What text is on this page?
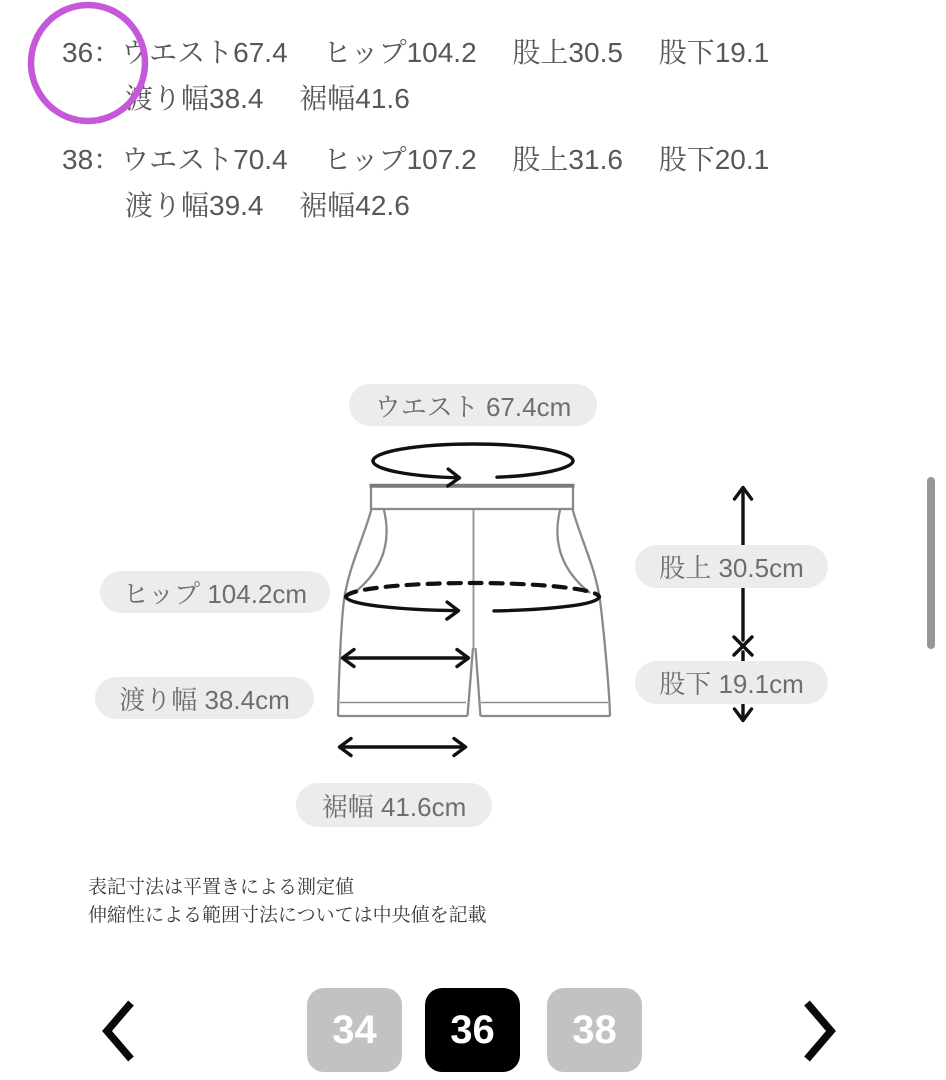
36：ウエスト67.4　 ヒップ104.2　 股上30.5　 股下19.1
渡り幅38.4　 裾幅41.6
38：ウエスト70.4　 ヒップ107.2　 股上31.6　 股下20.1
渡り幅39.4　 裾幅42.6
ウエスト 67.4cm
ヒップ 104.2cm
渡り幅 38.4cm
裾幅 41.6cm
股上 30.5cm
股下 19.1cm
表記寸法は平置きによる測定値
伸縮性による範囲寸法については中央値を記載
34	36	38
